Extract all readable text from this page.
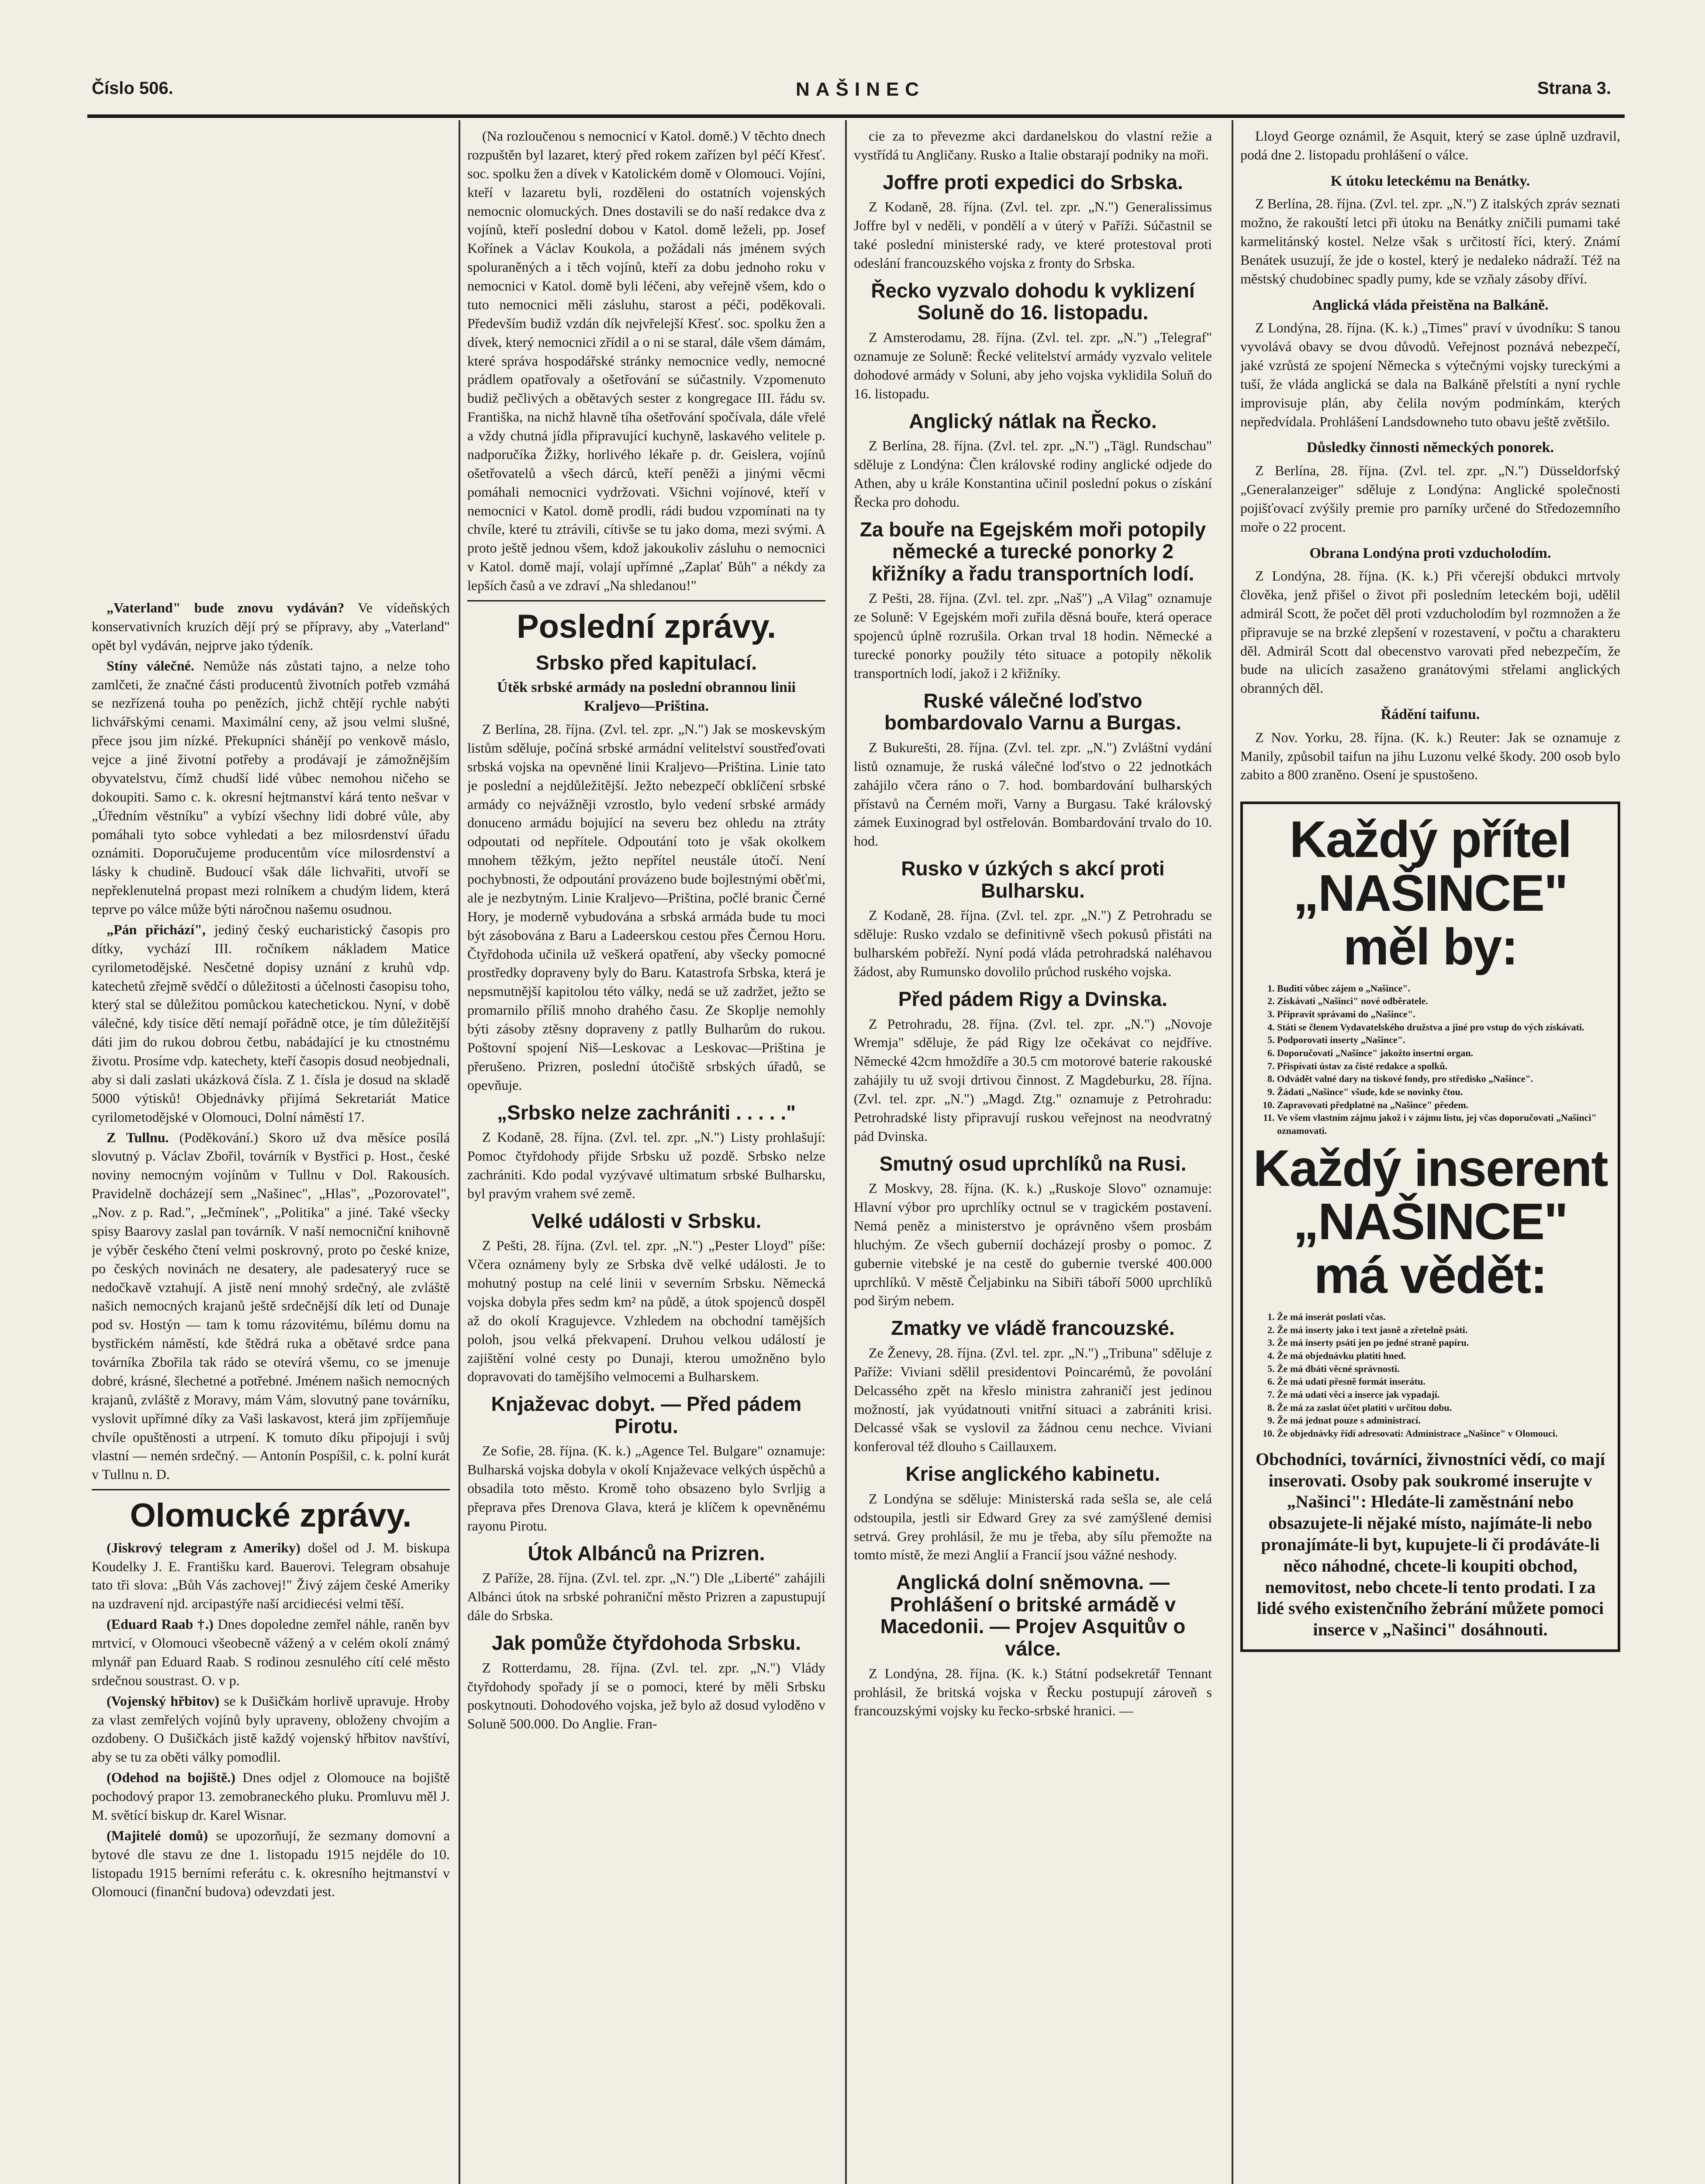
Číslo 506.	NAŠINEC	Strana 3.

„Vaterland" bude znovu vydáván? Ve vídeňských konservativních kruzích dějí prý se přípravy, aby „Vaterland" opět byl vydáván, nejprve jako týdeník.

Stíny válečné. Nemůže nás zůstati tajno, a nelze toho zamlčeti, že značné části producentů životních potřeb vzmáhá se nezřízená touha po penězích, jichž chtějí rychle nabýti lichvářskými cenami. Maximální ceny, až jsou velmi slušné, přece jsou jim nízké. Překupníci shánějí po venkově máslo, vejce a jiné životní potřeby a prodávají je zámožnějším obyvatelstvu, čímž chudší lidé vůbec nemohou ničeho se dokoupiti. Samo c. k. okresní hejtmanství kárá tento nešvar v „Úředním věstníku" a vybízí všechny lidi dobré vůle, aby pomáhali tyto sobce vyhledati a bez milosrdenství úřadu oznámiti. Doporučujeme producentům více milosrdenství a lásky k chudině. Budoucí však dále lichvařiti, utvoří se nepřeklenutelná propast mezi rolníkem a chudým lidem, která teprve po válce může býti náročnou našemu osudnou.

„Pán přichází", jediný český eucharistický časopis pro dítky, vychází III. ročníkem nákladem Matice cyrilometodějské. Nesčetné dopisy uznání z kruhů vdp. katechetů zřejmě svědčí o důležitosti a účelnosti časopisu toho, který stal se důležitou pomůckou katechetickou. Nyní, v době válečné, kdy tisíce dětí nemají pořádně otce, je tím důležitější dáti jim do rukou dobrou četbu, nabádající je ku ctnostnému životu. Prosíme vdp. katechety, kteří časopis dosud neobjednali, aby si dali zaslati ukázková čísla. Z 1. čísla je dosud na skladě 5000 výtisků! Objednávky přijímá Sekretariát Matice cyrilometodějské v Olomouci, Dolní náměstí 17.

Z Tullnu. (Poděkování.) Skoro už dva měsíce posílá slovutný p. Václav Zbořil, továrník v Bystřici p. Host., české noviny nemocným vojínům v Tullnu v Dol. Rakousích. Pravidelně docházejí sem „Našinec", „Hlas", „Pozorovatel", „Nov. z p. Rad.", „Ječmínek", „Politika" a jiné. Také všecky spisy Baarovy zaslal pan továrník. V naší nemocniční knihovně je výběr českého čtení velmi poskrovný, proto po české knize, po českých novinách ne desatery, ale padesateryý ruce se nedočkavě vztahují. A jistě není mnohý srdečný, ale zvláště našich nemocných krajanů ještě srdečnější dík letí od Dunaje pod sv. Hostýn — tam k tomu rázovitému, bílému domu na bystřickém náměstí, kde štědrá ruka a obětavé srdce pana továrníka Zbořila tak rádo se otevírá všemu, co se jmenuje dobré, krásné, šlechetné a potřebné. Jménem našich nemocných krajanů, zvláště z Moravy, mám Vám, slovutný pane továrníku, vyslovit upřímné díky za Vaši laskavost, která jim zpříjemňuje chvíle opuštěnosti a utrpení. K tomuto díku připojuji i svůj vlastní — nemén srdečný. — Antonín Pospíšil, c. k. polní kurát v Tullnu n. D.

Olomucké zprávy.

(Jiskrový telegram z Ameriky) došel od J. M. biskupa Koudelky J. E. Františku kard. Bauerovi. Telegram obsahuje tato tři slova: „Bůh Vás zachovej!" Živý zájem české Ameriky na uzdravení njd. arcipastýře naší arcidiecési velmi těší.

(Eduard Raab †.) Dnes dopoledne zemřel náhle, raněn byv mrtvicí, v Olomouci všeobecně vážený a v celém okolí známý mlynář pan Eduard Raab. S rodinou zesnulého cítí celé město srdečnou soustrast. O. v p.

(Vojenský hřbitov) se k Dušičkám horlivě upravuje. Hroby za vlast zemřelých vojínů byly upraveny, obloženy chvojím a ozdobeny. O Dušičkách jistě každý vojenský hřbitov navštíví, aby se tu za oběti války pomodlil.

(Odehod na bojiště.) Dnes odjel z Olomouce na bojiště pochodový prapor 13. zemobraneckého pluku. Promluvu měl J. M. světící biskup dr. Karel Wisnar.

(Majitelé domů) se upozorňují, že sezmany domovní a bytové dle stavu ze dne 1. listopadu 1915 nejdéle do 10. listopadu 1915 berními referátu c. k. okresního hejtmanství v Olomouci (finanční budova) odevzdati jest.

(Na rozloučenou s nemocnicí v Katol. domě.) V těchto dnech rozpuštěn byl lazaret, který před rokem zařízen byl péčí Křesť. soc. spolku žen a dívek v Katolickém domě v Olomouci. Vojíni, kteří v lazaretu byli, rozděleni do ostatních vojenských nemocnic olomuckých. Dnes dostavili se do naší redakce dva z vojínů, kteří poslední dobou v Katol. domě leželi, pp. Josef Kořínek a Václav Koukola, a požádali nás jménem svých spoluraněných a i těch vojínů, kteří za dobu jednoho roku v nemocnici v Katol. domě byli léčeni, aby veřejně všem, kdo o tuto nemocnici měli zásluhu, starost a péči, poděkovali. Především budiž vzdán dík nejvřelejší Křesť. soc. spolku žen a dívek, který nemocnici zřídil a o ni se staral, dále všem dámám, které správa hospodářské stránky nemocnice vedly, nemocné prádlem opatřovaly a ošetřování se súčastnily. Vzpomenuto budiž pečlivých a obětavých sester z kongregace III. řádu sv. Františka, na nichž hlavně tíha ošetřování spočívala, dále vřelé a vždy chutná jídla připravující kuchyně, laskavého velitele p. nadporučíka Žižky, horlivého lékaře p. dr. Geislera, vojínů ošetřovatelů a všech dárců, kteří peněži a jinými věcmi pomáhali nemocnici vydržovati. Všichni vojínové, kteří v nemocnici v Katol. domě prodli, rádi budou vzpomínati na ty chvíle, které tu ztrávili, cítivše se tu jako doma, mezi svými. A proto ještě jednou všem, kdož jakoukoliv zásluhu o nemocnici v Katol. domě mají, volají upřímné „Zaplať Bůh" a nékdy za lepších časů a ve zdraví „Na shledanou!"

Poslední zprávy.
Srbsko před kapitulací.
Útěk srbské armády na poslední obrannou linii Kraljevo—Priština.

Z Berlína, 28. října. (Zvl. tel. zpr. „N.") Jak se moskevským listům sděluje, počíná srbské armádní velitelství soustřeďovati srbská vojska na opevněné linii Kraljevo—Priština. Linie tato je poslední a nejdůležitější. Ježto nebezpečí obklíčení srbské armády co nejvážněji vzrostlo, bylo vedení srbské armády donuceno armádu bojující na severu bez ohledu na ztráty odpoutati od nepřítele. Odpoutání toto je však okolkem mnohem těžkým, ježto nepřítel neustále útočí. Není pochybnosti, že odpoutání provázeno bude bojlestnými oběťmi, ale je nezbytným. Linie Kraljevo—Priština, počlé branic Černé Hory, je moderně vybudována a srbská armáda bude tu moci být zásobována z Baru a Ladeerskou cestou přes Černou Horu. Čtyřdohoda učinila už veškerá opatření, aby všecky pomocné prostředky dopraveny byly do Baru. Katastrofa Srbska, která je nepsmutnější kapitolou této války, nedá se už zadržet, ježto se promarnilo příliš mnoho drahého času. Ze Skoplje nemohly býti zásoby ztěsny dopraveny z patlly Bulharům do rukou. Poštovní spojení Niš—Leskovac a Leskovac—Priština je přerušeno. Prizren, poslední útočiště srbských úřadů, se opevňuje.

„Srbsko nelze zachrániti . . . . ."

Z Kodaně, 28. října. (Zvl. tel. zpr. „N.") Listy prohlašují: Pomoc čtyřdohody přijde Srbsku už pozdě. Srbsko nelze zachrániti. Kdo podal vyzývavé ultimatum srbské Bulharsku, byl pravým vrahem své země.

Velké události v Srbsku.

Z Pešti, 28. října. (Zvl. tel. zpr. „N.") „Pester Lloyd" píše: Včera oznámeny byly ze Srbska dvě velké události. Je to mohutný postup na celé linii v severním Srbsku. Německá vojska dobyla přes sedm km² na půdě, a útok spojenců dospěl až do okolí Kragujevce. Vzhledem na obchodní tamějších poloh, jsou velká překvapení. Druhou velkou událostí je zajištění volné cesty po Dunaji, kterou umožněno bylo dopravovati do tamějšího velmocemi a Bulharskem.

Knjaževac dobyt. — Před pádem Pirotu.

Ze Sofie, 28. října. (K. k.) „Agence Tel. Bulgare" oznamuje: Bulharská vojska dobyla v okolí Knjaževace velkých úspěchů a obsadila toto město. Kromě toho obsazeno bylo Svrljig a přeprava přes Drenova Glava, která je klíčem k opevněnému rayonu Pirotu.

Útok Albánců na Prizren.

Z Paříže, 28. října. (Zvl. tel. zpr. „N.") Dle „Liberté" zahájili Albánci útok na srbské pohraniční město Prizren a zapustupují dále do Srbska.

Jak pomůže čtyřdohoda Srbsku.

Z Rotterdamu, 28. října. (Zvl. tel. zpr. „N.") Vlády čtyřdohody spořady jí se o pomoci, které by měli Srbsku poskytnouti. Dohodového vojska, jež bylo až dosud vyloděno v Soluně 500.000. Do Anglie. Fran-

cie za to převezme akci dardanelskou do vlastní režie a vystřídá tu Angličany. Rusko a Italie obstarají podniky na moři.

Joffre proti expedici do Srbska.

Z Kodaně, 28. října. (Zvl. tel. zpr. „N.") Generalissimus Joffre byl v neděli, v pondělí a v úterý v Paříži. Súčastnil se také poslední ministerské rady, ve které protestoval proti odeslání francouzského vojska z fronty do Srbska.

Řecko vyzvalo dohodu k vyklizení Soluně do 16. listopadu.

Z Amsterodamu, 28. října. (Zvl. tel. zpr. „N.") „Telegraf" oznamuje ze Soluně: Řecké velitelství armády vyzvalo velitele dohodové armády v Soluni, aby jeho vojska vyklidila Soluň do 16. listopadu.

Anglický nátlak na Řecko.

Z Berlína, 28. října. (Zvl. tel. zpr. „N.") „Tägl. Rundschau" sděluje z Londýna: Člen královské rodiny anglické odjede do Athen, aby u krále Konstantina učinil poslední pokus o získání Řecka pro dohodu.

Za bouře na Egejském moři potopily německé a turecké ponorky 2 křižníky a řadu transportních lodí.

Z Pešti, 28. října. (Zvl. tel. zpr. „Naš") „A Vilag" oznamuje ze Soluně: V Egejském moři zuřila děsná bouře, která operace spojenců úplně rozrušila. Orkan trval 18 hodin. Německé a turecké ponorky použily této situace a potopily několik transportních lodí, jakož i 2 křižníky.

Ruské válečné loďstvo bombardovalo Varnu a Burgas.

Z Bukurešti, 28. října. (Zvl. tel. zpr. „N.") Zvláštní vydání listů oznamuje, že ruská válečné loďstvo o 22 jednotkách zahájilo včera ráno o 7. hod. bombardování bulharských přístavů na Černém moři, Varny a Burgasu. Také královský zámek Euxinograd byl ostřelován. Bombardování trvalo do 10. hod.

Rusko v úzkých s akcí proti Bulharsku.

Z Kodaně, 28. října. (Zvl. tel. zpr. „N.") Z Petrohradu se sděluje: Rusko vzdalo se definitivně všech pokusů přistáti na bulharském pobřeží. Nyní podá vláda petrohradská naléhavou žádost, aby Rumunsko dovolilo průchod ruského vojska.

Před pádem Rigy a Dvinska.

Z Petrohradu, 28. října. (Zvl. tel. zpr. „N.") „Novoje Wremja" sděluje, že pád Rigy lze očekávat co nejdříve. Německé 42cm hmoždíře a 30.5 cm motorové baterie rakouské zahájily tu už svoji drtivou činnost. Z Magdeburku, 28. října. (Zvl. tel. zpr. „N.") „Magd. Ztg." oznamuje z Petrohradu: Petrohradské listy připravují ruskou veřejnost na neodvratný pád Dvinska.

Smutný osud uprchlíků na Rusi.

Z Moskvy, 28. října. (K. k.) „Ruskoje Slovo" oznamuje: Hlavní výbor pro uprchlíky octnul se v tragickém postavení. Nemá peněz a ministerstvo je oprávněno všem prosbám hluchým. Ze všech gubernií docházejí prosby o pomoc. Z gubernie vitebské je na cestě do gubernie tverské 400.000 uprchlíků. V městě Čeljabinku na Sibiři táboří 5000 uprchlíků pod širým nebem.

Zmatky ve vládě francouzské.

Ze Ženevy, 28. října. (Zvl. tel. zpr. „N.") „Tribuna" sděluje z Paříže: Viviani sdělil presidentovi Poincarémů, že povolání Delcassého zpět na křeslo ministra zahraničí jest jedinou možností, jak vyúdatnouti vnitřní situaci a zabrániti krisi. Delcassé však se vyslovil za žádnou cenu nechce. Viviani konferoval též dlouho s Caillauxem.

Krise anglického kabinetu.

Z Londýna se sděluje: Ministerská rada sešla se, ale celá odstoupila, jestli sir Edward Grey za své zamýšlené demisi setrvá. Grey prohlásil, že mu je třeba, aby sílu přemožte na tomto místě, že mezi Anglií a Francií jsou vážné neshody.

Anglická dolní sněmovna. — Prohlášení o britské armádě v Macedonii. — Projev Asquitův o válce.

Z Londýna, 28. října. (K. k.) Státní podsekretář Tennant prohlásil, že britská vojska v Řecku postupují zároveň s francouzskými vojsky ku řecko-srbské hranici. —

Lloyd George oznámil, že Asquit, který se zase úplně uzdravil, podá dne 2. listopadu prohlášení o válce.

K útoku leteckému na Benátky.

Z Berlína, 28. října. (Zvl. tel. zpr. „N.") Z italských zpráv seznati možno, že rakouští letci při útoku na Benátky zničili pumami také karmelitánský kostel. Nelze však s určitostí říci, který. Známí Benátek usuzují, že jde o kostel, který je nedaleko nádraží. Též na městský chudobinec spadly pumy, kde se vzňaly zásoby dříví.

Anglická vláda přeistěna na Balkáně.

Z Londýna, 28. října. (K. k.) „Times" praví v úvodníku: S tanou vyvolává obavy se dvou důvodů. Veřejnost poznává nebezpečí, jaké vzrůstá ze spojení Německa s výtečnými vojsky tureckými a tuší, že vláda anglická se dala na Balkáně přelstíti a nyní rychle improvisuje plán, aby čelila novým podmínkám, kterých nepředvídala. Prohlášení Landsdowneho tuto obavu ještě zvětšilo.

Důsledky činnosti německých ponorek.

Z Berlína, 28. října. (Zvl. tel. zpr. „N.") Düsseldorfský „Generalanzeiger" sděluje z Londýna: Anglické společnosti pojišťovací zvýšily premie pro parníky určené do Středozemního moře o 22 procent.

Obrana Londýna proti vzducholodím.

Z Londýna, 28. října. (K. k.) Při včerejší obdukci mrtvoly člověka, jenž přišel o život při posledním leteckém boji, udělil admirál Scott, že počet děl proti vzducholodím byl rozmnožen a že připravuje se na brzké zlepšení v rozestavení, v počtu a charakteru děl. Admirál Scott dal obecenstvo varovati před nebezpečím, že bude na ulicích zasaženo granátovými střelami anglických obranných děl.

Řádění taifunu.

Z Nov. Yorku, 28. října. (K. k.) Reuter: Jak se oznamuje z Manily, způsobil taifun na jihu Luzonu velké škody. 200 osob bylo zabito a 800 zraněno. Osení je spustošeno.

Každý přítel
„NAŠINCE"
měl by:
1. Buditi vůbec zájem o „Našince".
2. Získávati „Našinci" nové odběratele.
3. Připravit správami do „Našince".
4. Státi se členem Vydavatelského družstva a jiné pro vstup do vých získávati.
5. Podporovati inserty „Našince".
6. Doporučovati „Našince" jakožto insertní organ.
7. Přispívati ústav za čisté redakce a spolků.
8. Odvádět valné dary na tiskové fondy, pro středisko „Našince".
9. Žádati „Našince" všude, kde se novinky čtou.
10. Zapravovati předplatné na „Našince" předem.
11. Ve všem vlastním zájmu jakož i v zájmu listu, jej včas doporučovati „Našinci" oznamovati.
Každý inserent
„NAŠINCE"
má vědět:
1. Že má inserát poslati včas.
2. Že má inserty jako i text jasně a zřetelně psáti.
3. Že má inserty psáti jen po jedné straně papíru.
4. Že má objednávku platiti hned.
5. Že má dbáti věcné správnosti.
6. Že má udati přesně formát inserátu.
7. Že má udati věci a inserce jak vypadají.
8. Že má za zaslat účet platiti v určitou dobu.
9. Že má jednat pouze s administrací.
10. Že objednávky řídí adresovati: Administrace „Našince" v Olomouci.
Obchodníci, továrníci, živnostníci vědí, co mají inserovati. Osoby pak soukromé inserujte v „Našinci": Hledáte-li zaměstnání nebo obsazujete-li nějaké místo, najímáte-li nebo pronajímáte-li byt, kupujete-li či prodáváte-li něco náhodné, chcete-li koupiti obchod, nemovitost, nebo chcete-li tento prodati. I za lidé svého existenčního žebrání můžete pomoci inserce v „Našinci" dosáhnouti.
